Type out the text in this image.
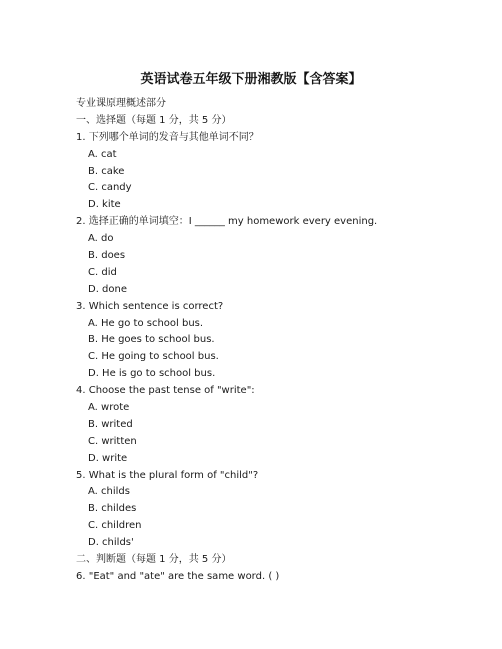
英语试卷五年级下册湘教版【含答案】
专业课原理概述部分
一、选择题（每题 1 分，共 5 分）
1. 下列哪个单词的发音与其他单词不同？
A. cat
B. cake
C. candy
D. kite
2. 选择正确的单词填空：I ______ my homework every evening.
A. do
B. does
C. did
D. done
3. Which sentence is correct?
A. He go to school bus.
B. He goes to school bus.
C. He going to school bus.
D. He is go to school bus.
4. Choose the past tense of "write":
A. wrote
B. writed
C. written
D. write
5. What is the plural form of "child"?
A. childs
B. childes
C. children
D. childs'
二、判断题（每题 1 分，共 5 分）
6. "Eat" and "ate" are the same word. ( )
